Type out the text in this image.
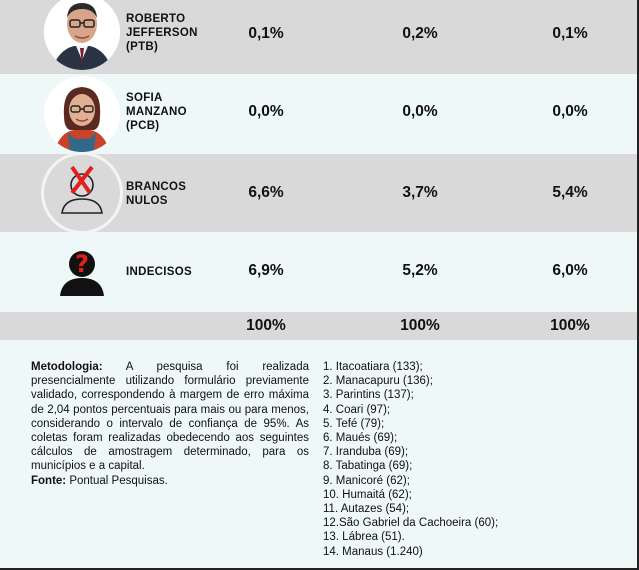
ROBERTO
JEFFERSON
(PTB)
0,1%	0,2%	0,1%
SOFIA
MANZANO
(PCB)
0,0%	0,0%	0,0%
BRANCOS
NULOS	6,6%	3,7%	5,4%
?	INDECISOS	6,9%	5,2%	6,0%
100%	100%	100%
Metodologia: A pesquisa foi realizada presencialmente utilizando formulário previamente validado, correspondendo à margem de erro máxima de 2,04 pontos percentuais para mais ou para menos, considerando o intervalo de confiança de 95%. As coletas foram realizadas obedecendo aos seguintes cálculos de amostragem determinado, para os municípios e a capital.
Fonte: Pontual Pesquisas.
1. Itacoatiara (133);
2. Manacapuru (136);
3. Parintins (137);
4. Coari (97);
5. Tefé (79);
6. Maués (69);
7. Iranduba (69);
8. Tabatinga (69);
9. Manicoré (62);
10. Humaitá (62);
11. Autazes (54);
12.São Gabriel da Cachoeira (60);
13. Lábrea (51).
14. Manaus (1.240)
